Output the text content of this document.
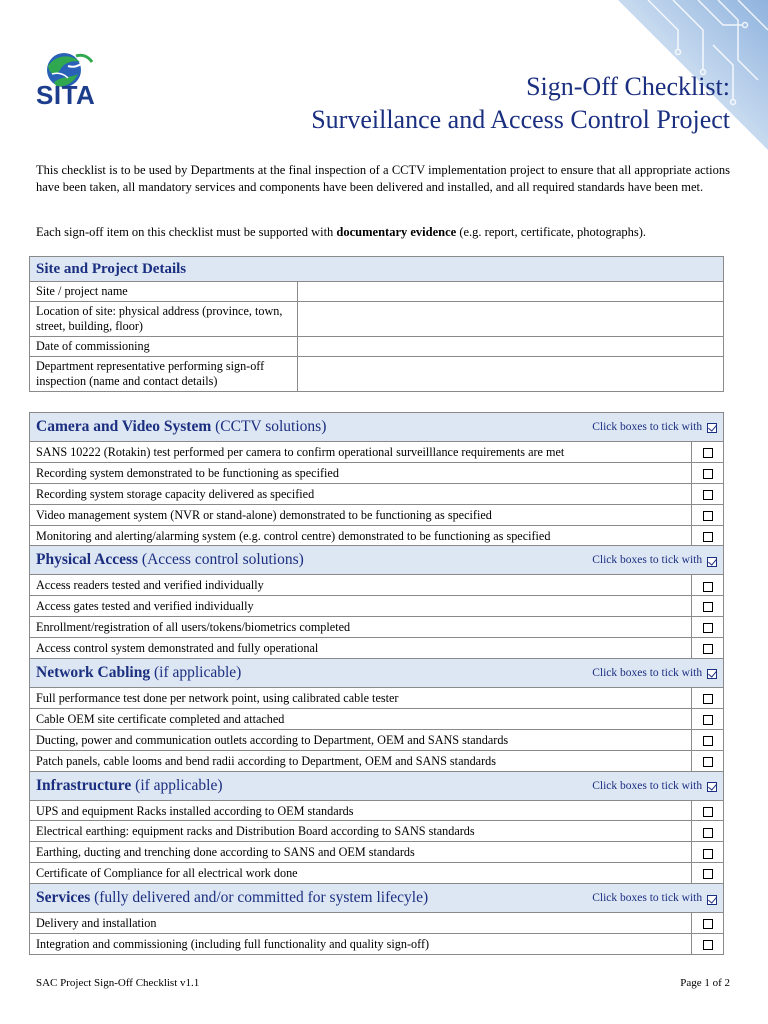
SITA	Sign-Off Checklist:
Surveillance and Access Control Project
This checklist is to be used by Departments at the final inspection of a CCTV implementation project to ensure that all appropriate actions have been taken, all mandatory services and components have been delivered and installed, and all required standards have been met.
Each sign-off item on this checklist must be supported with documentary evidence (e.g. report, certificate, photographs).
Site and Project Details	
Site / project name	
Location of site: physical address (province, town, street, building, floor)	
Date of commissioning	
Department representative performing sign-off inspection (name and contact details)	
Camera and Video System (CCTV solutions) Click boxes to tick with	

SANS 10222 (Rotakin) test performed per camera to confirm operational surveilllance requirements are met	
Recording system demonstrated to be functioning as specified	
Recording system storage capacity delivered as specified	
Video management system (NVR or stand-alone) demonstrated to be functioning as specified	
Monitoring and alerting/alarming system (e.g. control centre) demonstrated to be functioning as specified	

Physical Access (Access control solutions) Click boxes to tick with	

Access readers tested and verified individually	
Access gates tested and verified individually	
Enrollment/registration of all users/tokens/biometrics completed	
Access control system demonstrated and fully operational	

Network Cabling (if applicable) Click boxes to tick with	

Full performance test done per network point, using calibrated cable tester	
Cable OEM site certificate completed and attached	
Ducting, power and communication outlets according to Department, OEM and SANS standards	
Patch panels, cable looms and bend radii according to Department, OEM and SANS standards	

Infrastructure (if applicable) Click boxes to tick with	

UPS and equipment Racks installed according to OEM standards	
Electrical earthing: equipment racks and Distribution Board according to SANS standards	
Earthing, ducting and trenching done according to SANS and OEM standards	
Certificate of Compliance for all electrical work done	

Services (fully delivered and/or committed for system lifecyle) Click boxes to tick with	

Delivery and installation	
Integration and commissioning (including full functionality and quality sign-off)	
SAC Project Sign-Off Checklist v1.1	Page 1 of 2
